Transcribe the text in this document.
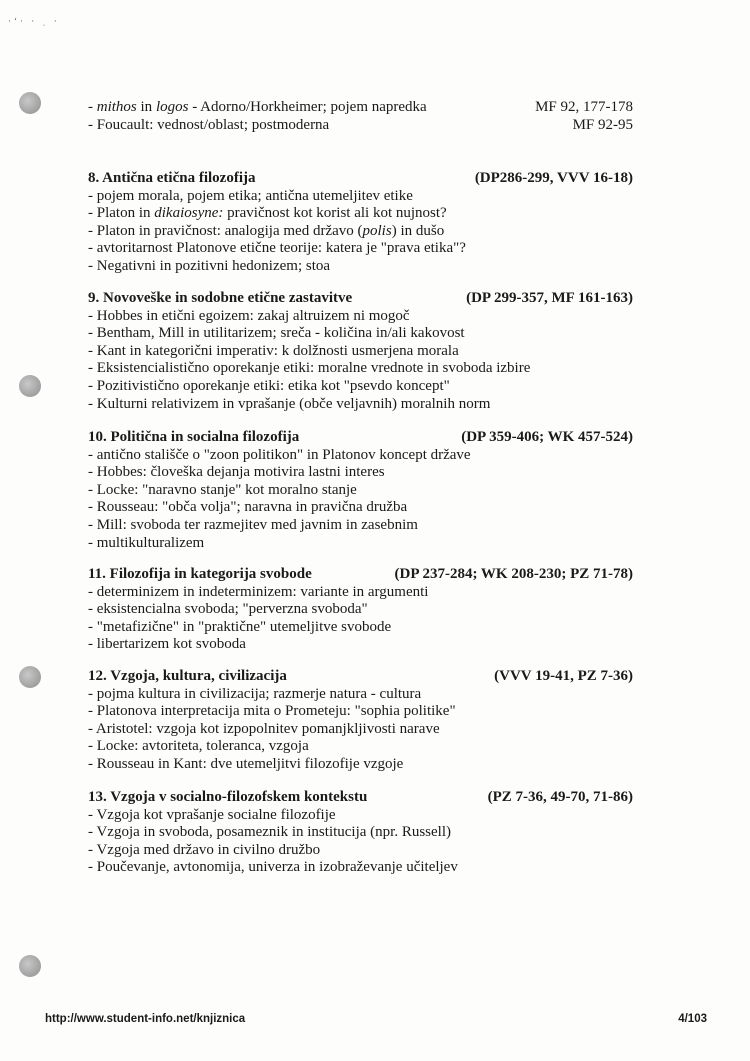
·‘· · ˌ ·
- mithos in logos - Adorno/Horkheimer; pojem napredka	MF 92, 177-178
- Foucault: vednost/oblast; postmoderna	MF 92-95
8. Antična etična filozofija	(DP286-299, VVV 16-18)
- pojem morala, pojem etika; antična utemeljitev etike
- Platon in dikaiosyne: pravičnost kot korist ali kot nujnost?
- Platon in pravičnost: analogija med državo (polis) in dušo
- avtoritarnost Platonove etične teorije: katera je "prava etika"?
- Negativni in pozitivni hedonizem; stoa
9. Novoveške in sodobne etične zastavitve	(DP 299-357, MF 161-163)
- Hobbes in etični egoizem: zakaj altruizem ni mogoč
- Bentham, Mill in utilitarizem; sreča - količina in/ali kakovost
- Kant in kategorični imperativ: k dolžnosti usmerjena morala
- Eksistencialistično oporekanje etiki: moralne vrednote in svoboda izbire
- Pozitivistično oporekanje etiki: etika kot "psevdo koncept"
- Kulturni relativizem in vprašanje (obče veljavnih) moralnih norm
10. Politična in socialna filozofija	(DP 359-406; WK 457-524)
- antično stališče o "zoon politikon" in Platonov koncept države
- Hobbes: človeška dejanja motivira lastni interes
- Locke: "naravno stanje" kot moralno stanje
- Rousseau: "obča volja"; naravna in pravična družba
- Mill: svoboda ter razmejitev med javnim in zasebnim
- multikulturalizem
11. Filozofija in kategorija svobode	(DP 237-284; WK 208-230; PZ 71-78)
- determinizem in indeterminizem: variante in argumenti
- eksistencialna svoboda; "perverzna svoboda"
- "metafizične" in "praktične" utemeljitve svobode
- libertarizem kot svoboda
12. Vzgoja, kultura, civilizacija	(VVV 19-41, PZ 7-36)
- pojma kultura in civilizacija; razmerje natura - cultura
- Platonova interpretacija mita o Prometeju: "sophia politike"
- Aristotel: vzgoja kot izpopolnitev pomanjkljivosti narave
- Locke: avtoriteta, toleranca, vzgoja
- Rousseau in Kant: dve utemeljitvi filozofije vzgoje
13. Vzgoja v socialno-filozofskem kontekstu	(PZ 7-36, 49-70, 71-86)
- Vzgoja kot vprašanje socialne filozofije
- Vzgoja in svoboda, posameznik in institucija (npr. Russell)
- Vzgoja med državo in civilno družbo
- Poučevanje, avtonomija, univerza in izobraževanje učiteljev
http://www.student-info.net/knjiznica	4/103
